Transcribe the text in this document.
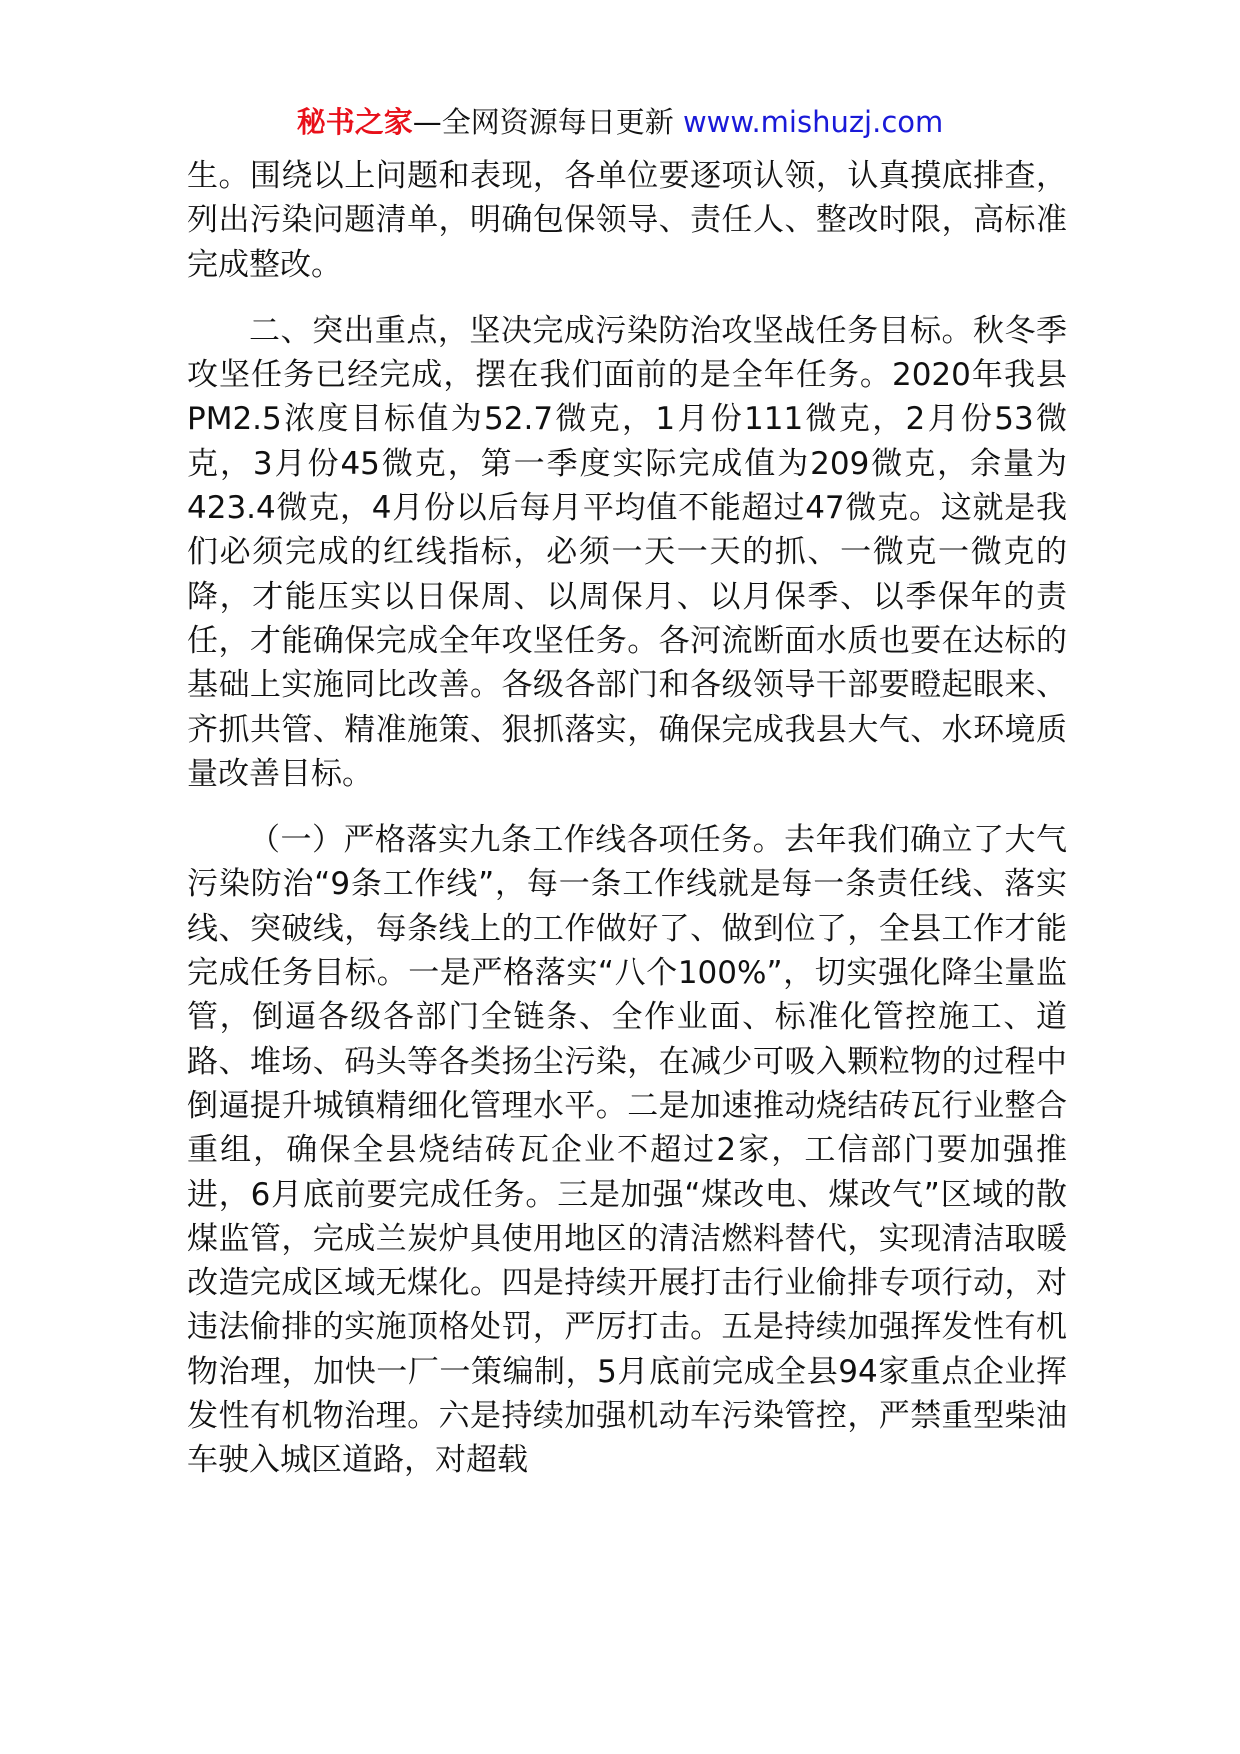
秘书之家—全网资源每日更新 www.mishuzj.com

生。围绕以上问题和表现，各单位要逐项认领，认真摸底排查，列出污染问题清单，明确包保领导、责任人、整改时限，高标准完成整改。

二、突出重点，坚决完成污染防治攻坚战任务目标。秋冬季攻坚任务已经完成，摆在我们面前的是全年任务。2020年我县PM2.5浓度目标值为52.7微克，1月份111微克，2月份53微克，3月份45微克，第一季度实际完成值为209微克，余量为423.4微克，4月份以后每月平均值不能超过47微克。这就是我们必须完成的红线指标，必须一天一天的抓、一微克一微克的降，才能压实以日保周、以周保月、以月保季、以季保年的责任，才能确保完成全年攻坚任务。各河流断面水质也要在达标的基础上实施同比改善。各级各部门和各级领导干部要瞪起眼来、齐抓共管、精准施策、狠抓落实，确保完成我县大气、水环境质量改善目标。

（一）严格落实九条工作线各项任务。去年我们确立了大气污染防治“9条工作线”，每一条工作线就是每一条责任线、落实线、突破线，每条线上的工作做好了、做到位了，全县工作才能完成任务目标。一是严格落实“八个100%”，切实强化降尘量监管，倒逼各级各部门全链条、全作业面、标准化管控施工、道路、堆场、码头等各类扬尘污染，在减少可吸入颗粒物的过程中倒逼提升城镇精细化管理水平。二是加速推动烧结砖瓦行业整合重组，确保全县烧结砖瓦企业不超过2家，工信部门要加强推进，6月底前要完成任务。三是加强“煤改电、煤改气”区域的散煤监管，完成兰炭炉具使用地区的清洁燃料替代，实现清洁取暖改造完成区域无煤化。四是持续开展打击行业偷排专项行动，对违法偷排的实施顶格处罚，严厉打击。五是持续加强挥发性有机物治理，加快一厂一策编制，5月底前完成全县94家重点企业挥发性有机物治理。六是持续加强机动车污染管控，严禁重型柴油车驶入城区道路，对超载
